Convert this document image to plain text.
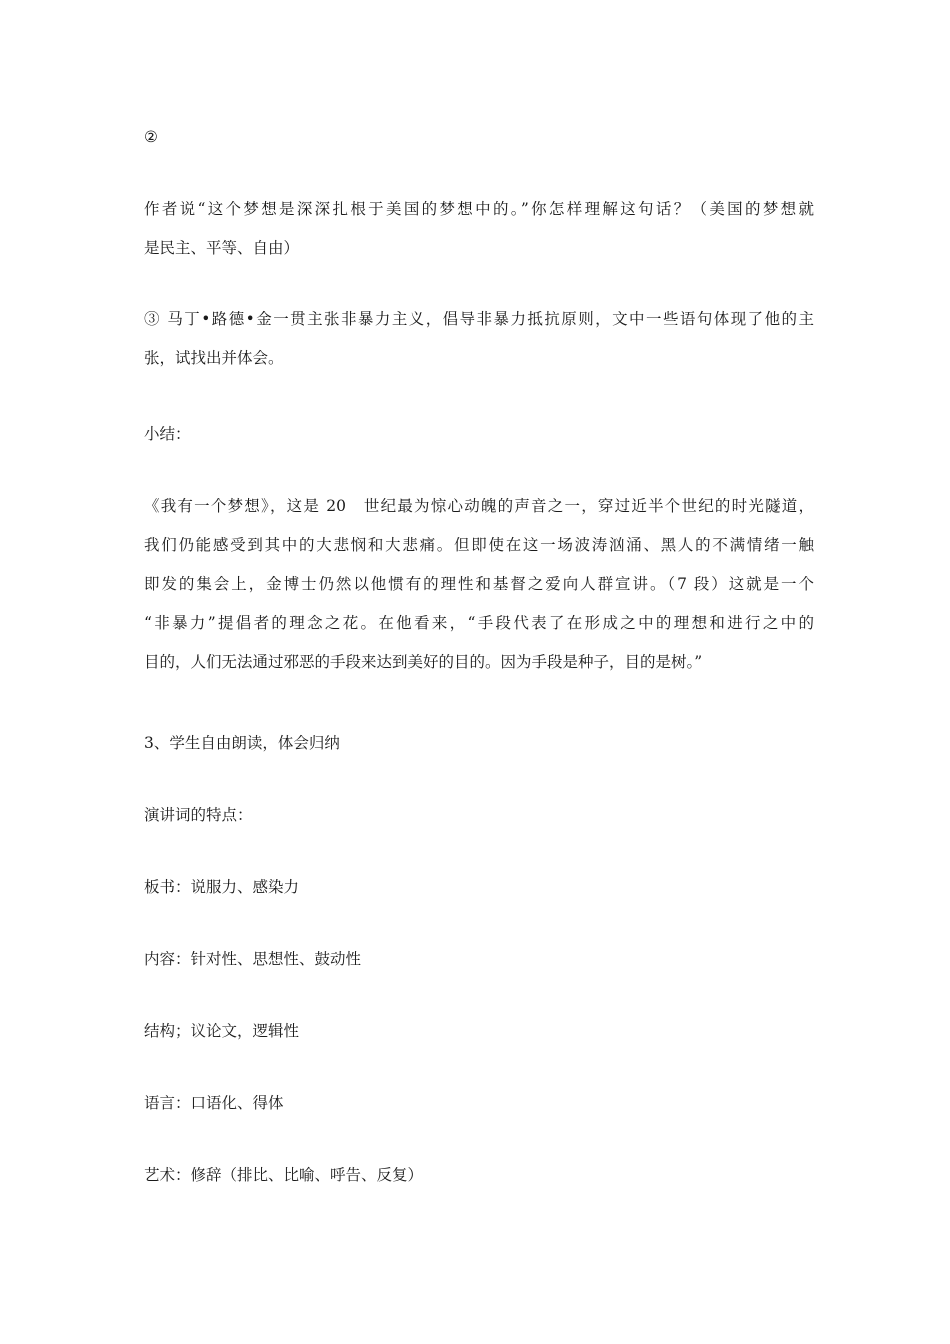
②

作者说“这个梦想是深深扎根于美国的梦想中的。”你怎样理解这句话？（美国的梦想就
是民主、平等、自由）

③ 马丁•路德•金一贯主张非暴力主义，倡导非暴力抵抗原则，文中一些语句体现了他的主
张，试找出并体会。

小结：

《我有一个梦想》，这是 20　世纪最为惊心动魄的声音之一，穿过近半个世纪的时光隧道，
我们仍能感受到其中的大悲悯和大悲痛。但即使在这一场波涛汹涌、黑人的不满情绪一触
即发的集会上，金博士仍然以他惯有的理性和基督之爱向人群宣讲。（7 段）这就是一个
“非暴力”提倡者的理念之花。在他看来，“手段代表了在形成之中的理想和进行之中的
目的，人们无法通过邪恶的手段来达到美好的目的。因为手段是种子，目的是树。”

3、学生自由朗读，体会归纳

演讲词的特点：

板书：说服力、感染力

内容：针对性、思想性、鼓动性

结构；议论文，逻辑性

语言：口语化、得体

艺术：修辞（排比、比喻、呼告、反复）
